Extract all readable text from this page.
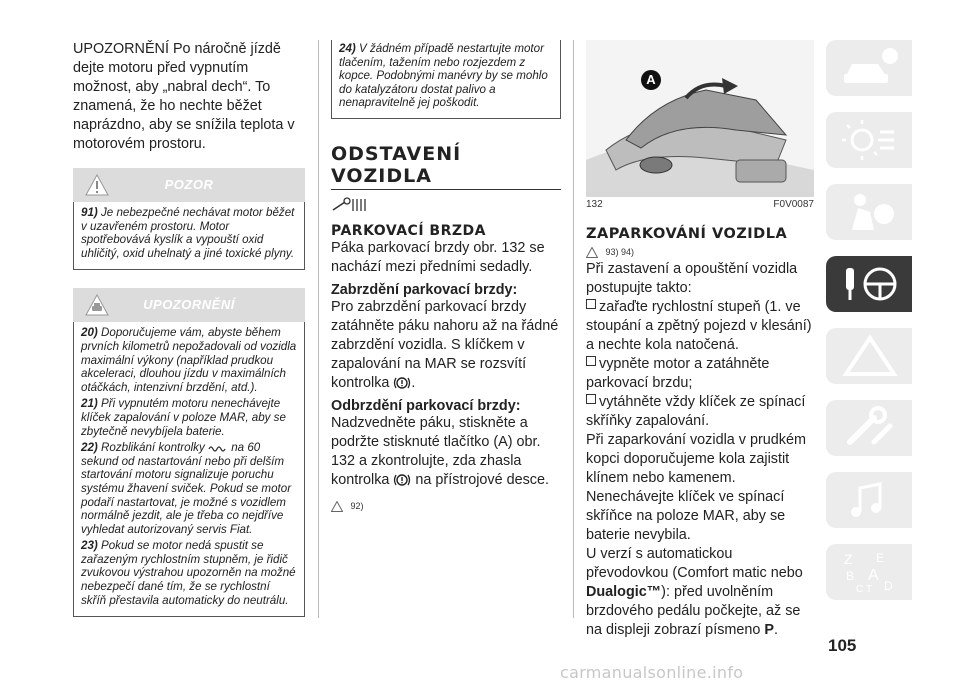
UPOZORNĚNÍ Po náročně jízdě dejte motoru před vypnutím možnost, aby „nabral dech“. To znamená, že ho nechte běžet naprázdno, aby se snížila teplota v motorovém prostoru.

POZOR

91) Je nebezpečné nechávat motor běžet v uzavřeném prostoru. Motor spotřebovává kyslík a vypouští oxid uhličitý, oxid uhelnatý a jiné toxické plyny.

UPOZORNĚNÍ

20) Doporučujeme vám, abyste během prvních kilometrů nepožadovali od vozidla maximální výkony (například prudkou akceleraci, dlouhou jízdu v maximálních otáčkách, intenzivní brzdění, atd.).

21) Při vypnutém motoru nenechávejte klíček zapalování v poloze MAR, aby se zbytečně nevybíjela baterie.

22) Rozblikání kontrolky na 60 sekund od nastartování nebo při delším startování motoru signalizuje poruchu systému žhavení sviček. Pokud se motor podaří nastartovat, je možné s vozidlem normálně jezdit, ale je třeba co nejdříve vyhledat autorizovaný servis Fiat.

23) Pokud se motor nedá spustit se zařazeným rychlostním stupněm, je řidič zvukovou výstrahou upozorněn na možné nebezpečí dané tím, že se rychlostní skříň přestavila automaticky do neutrálu.

24) V žádném případě nestartujte motor tlačením, tažením nebo rozjezdem z kopce. Podobnými manévry by se mohlo do katalyzátoru dostat palivo a nenapravitelně jej poškodit.

ODSTAVENÍ
VOZIDLA
PARKOVACÍ BRZDA

Páka parkovací brzdy obr. 132 se nachází mezi předními sedadly.

Zabrzdění parkovací brzdy:

Pro zabrzdění parkovací brzdy zatáhněte páku nahoru až na řádné zabrzdění vozidla. S klíčkem v zapalování na MAR se rozsvítí kontrolka .

Odbrzdění parkovací brzdy:

Nadzvedněte páku, stiskněte a podržte stisknuté tlačítko (A) obr. 132 a zkontrolujte, zda zhasla kontrolka na přístrojové desce.

92)
A
132	F0V0087
ZAPARKOVÁNÍ VOZIDLA
93) 94)

Při zastavení a opouštění vozidla postupujte takto:

zařaďte rychlostní stupeň (1. ve stoupání a zpětný pojezd v klesání) a nechte kola natočená.

vypněte motor a zatáhněte parkovací brzdu;

vytáhněte vždy klíček ze spínací skříňky zapalování.

Při zaparkování vozidla v prudkém kopci doporučujeme kola zajistit klínem nebo kamenem.

Nenechávejte klíček ve spínací skříňce na poloze MAR, aby se baterie nevybila.

U verzí s automatickou převodovkou (Comfort matic nebo Dualogic™): před uvolněním brzdového pedálu počkejte, až se na displeji zobrazí písmeno P.

Z E
B A
C T D
105
carmanualsonline.info
